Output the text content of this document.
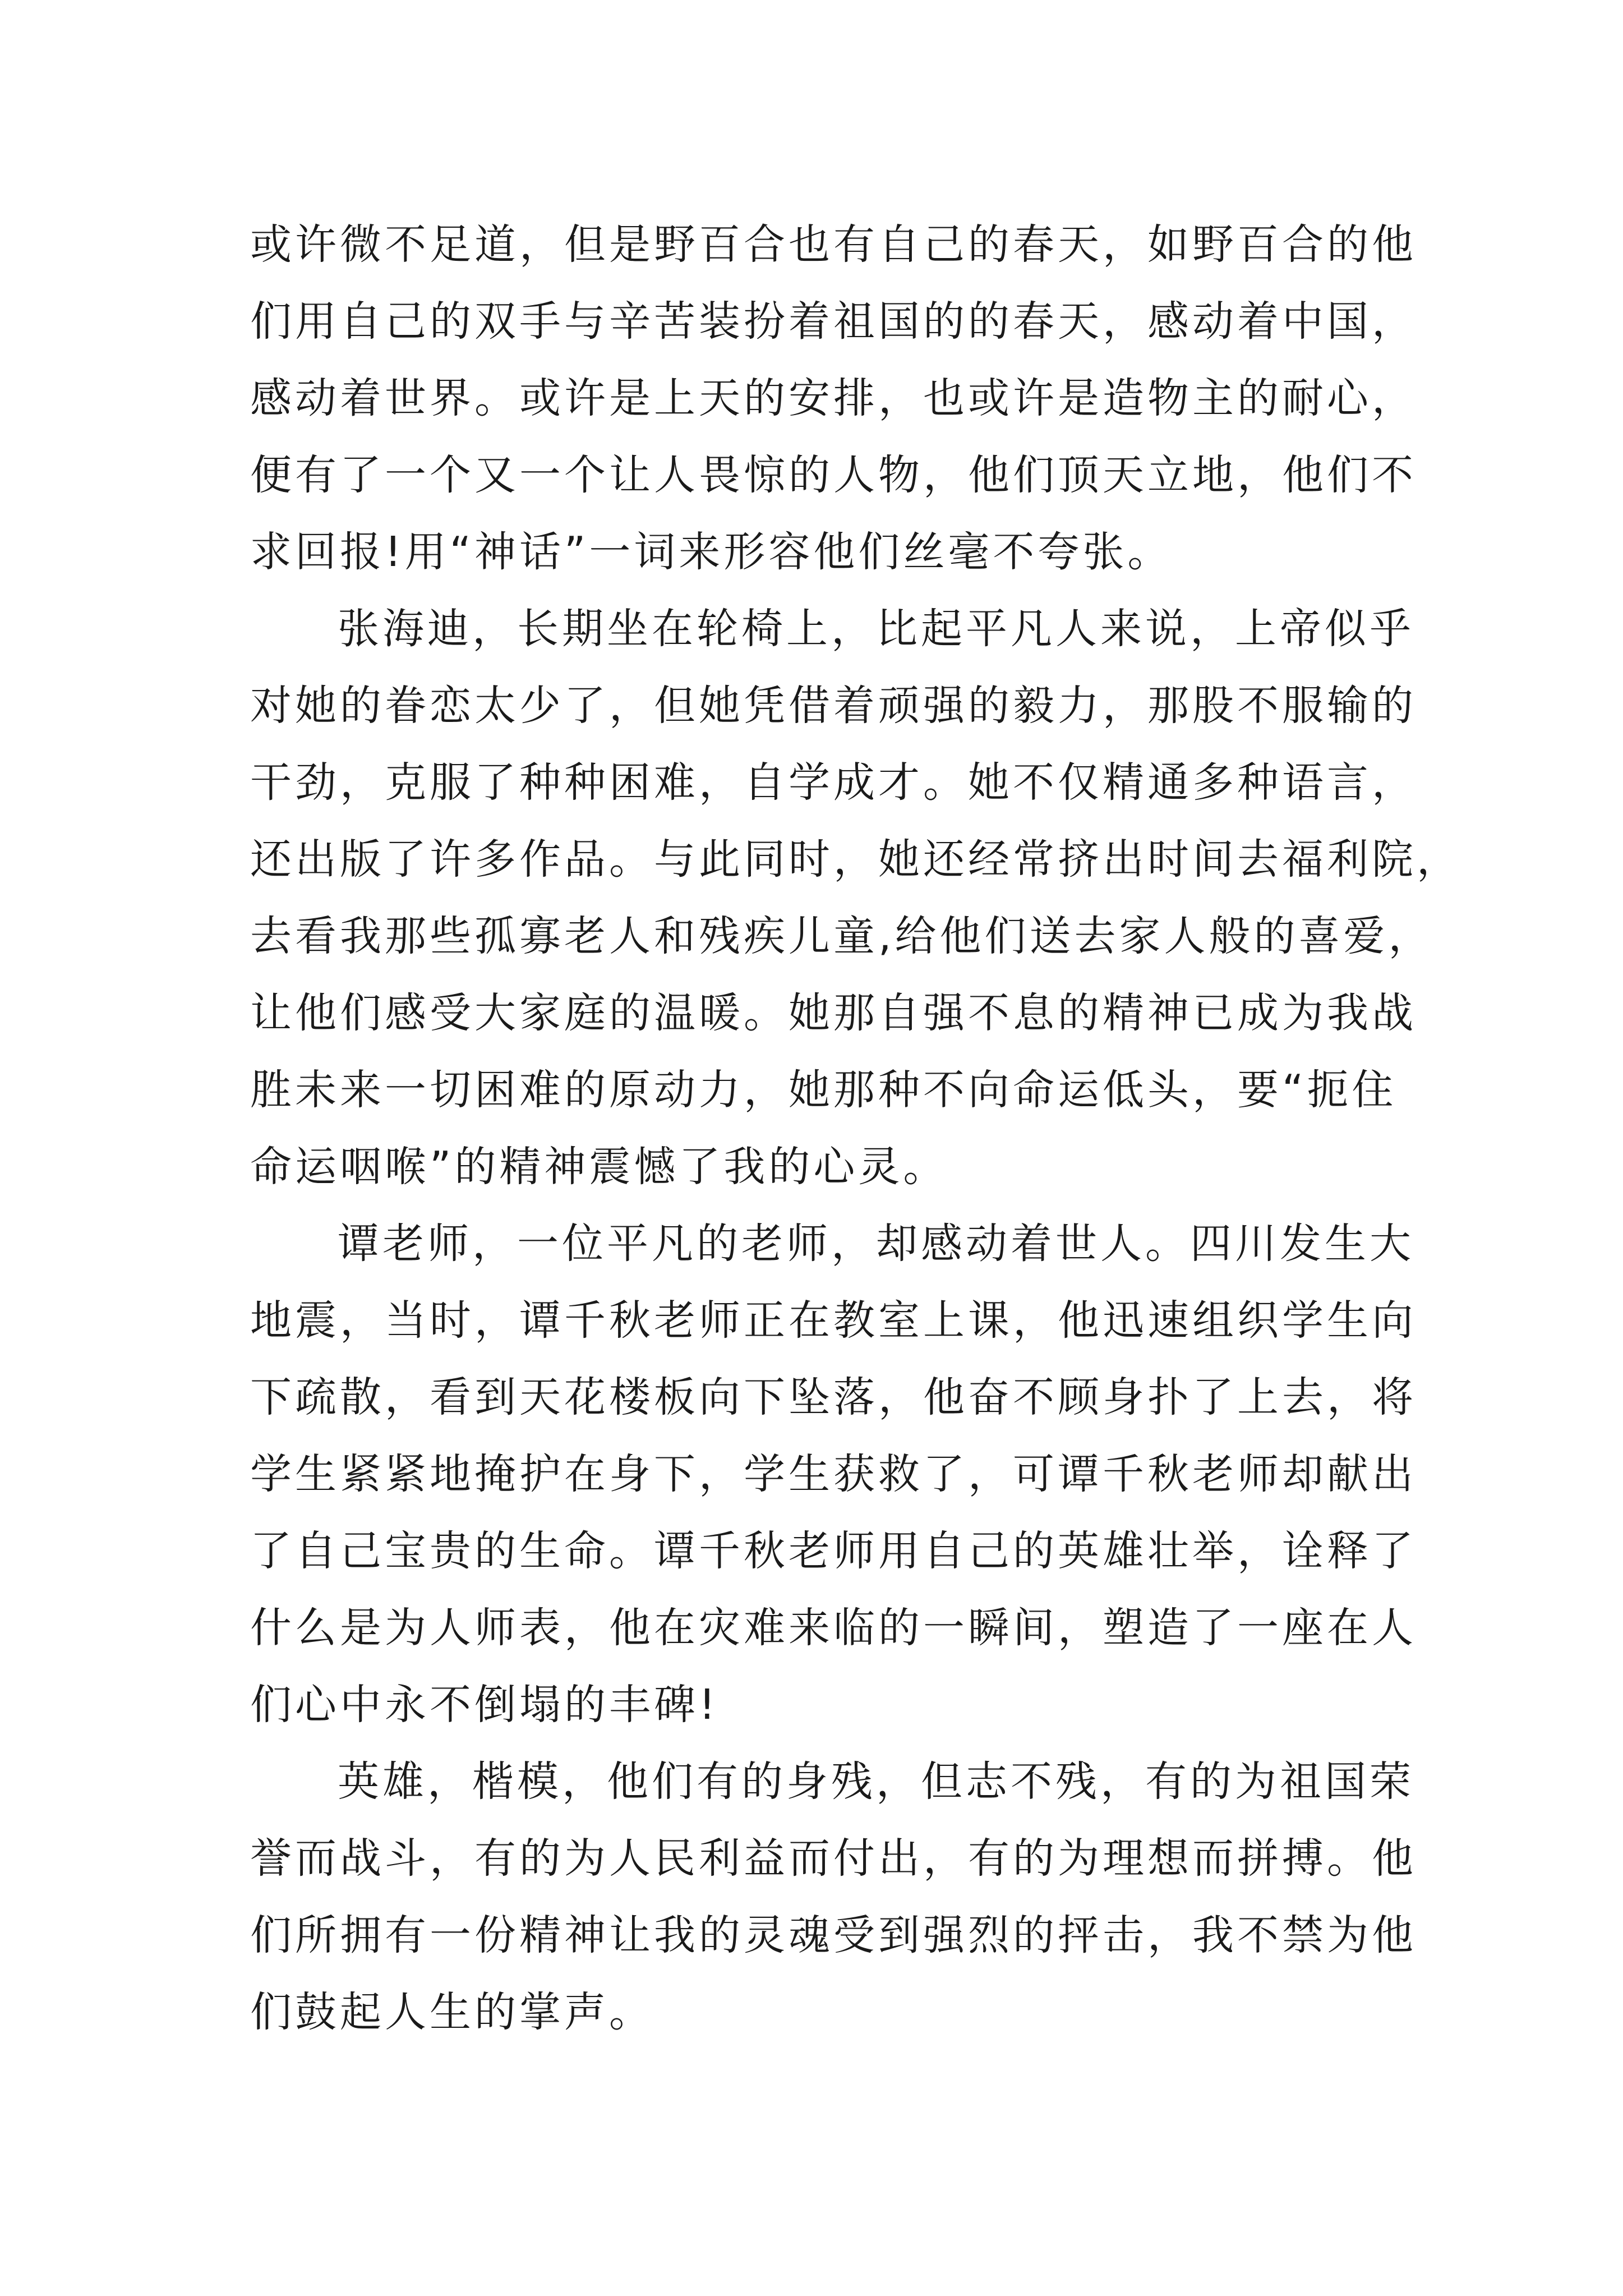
或许微不足道，但是野百合也有自己的春天，如野百合的他
们用自己的双手与辛苦装扮着祖国的的春天，感动着中国，
感动着世界。或许是上天的安排，也或许是造物主的耐心，
便有了一个又一个让人畏惊的人物，他们顶天立地，他们不
求回报!用“神话”一词来形容他们丝毫不夸张。
张海迪，长期坐在轮椅上，比起平凡人来说，上帝似乎
对她的眷恋太少了，但她凭借着顽强的毅力，那股不服输的
干劲，克服了种种困难，自学成才。她不仅精通多种语言，
还出版了许多作品。与此同时，她还经常挤出时间去福利院，
去看我那些孤寡老人和残疾儿童,给他们送去家人般的喜爱，
让他们感受大家庭的温暖。她那自强不息的精神已成为我战
胜未来一切困难的原动力，她那种不向命运低头，要“扼住
命运咽喉”的精神震憾了我的心灵。
谭老师，一位平凡的老师，却感动着世人。四川发生大
地震，当时，谭千秋老师正在教室上课，他迅速组织学生向
下疏散，看到天花楼板向下坠落，他奋不顾身扑了上去，将
学生紧紧地掩护在身下，学生获救了，可谭千秋老师却献出
了自己宝贵的生命。谭千秋老师用自己的英雄壮举，诠释了
什么是为人师表，他在灾难来临的一瞬间，塑造了一座在人
们心中永不倒塌的丰碑!
英雄，楷模，他们有的身残，但志不残，有的为祖国荣
誉而战斗，有的为人民利益而付出，有的为理想而拼搏。他
们所拥有一份精神让我的灵魂受到强烈的抨击，我不禁为他
们鼓起人生的掌声。
